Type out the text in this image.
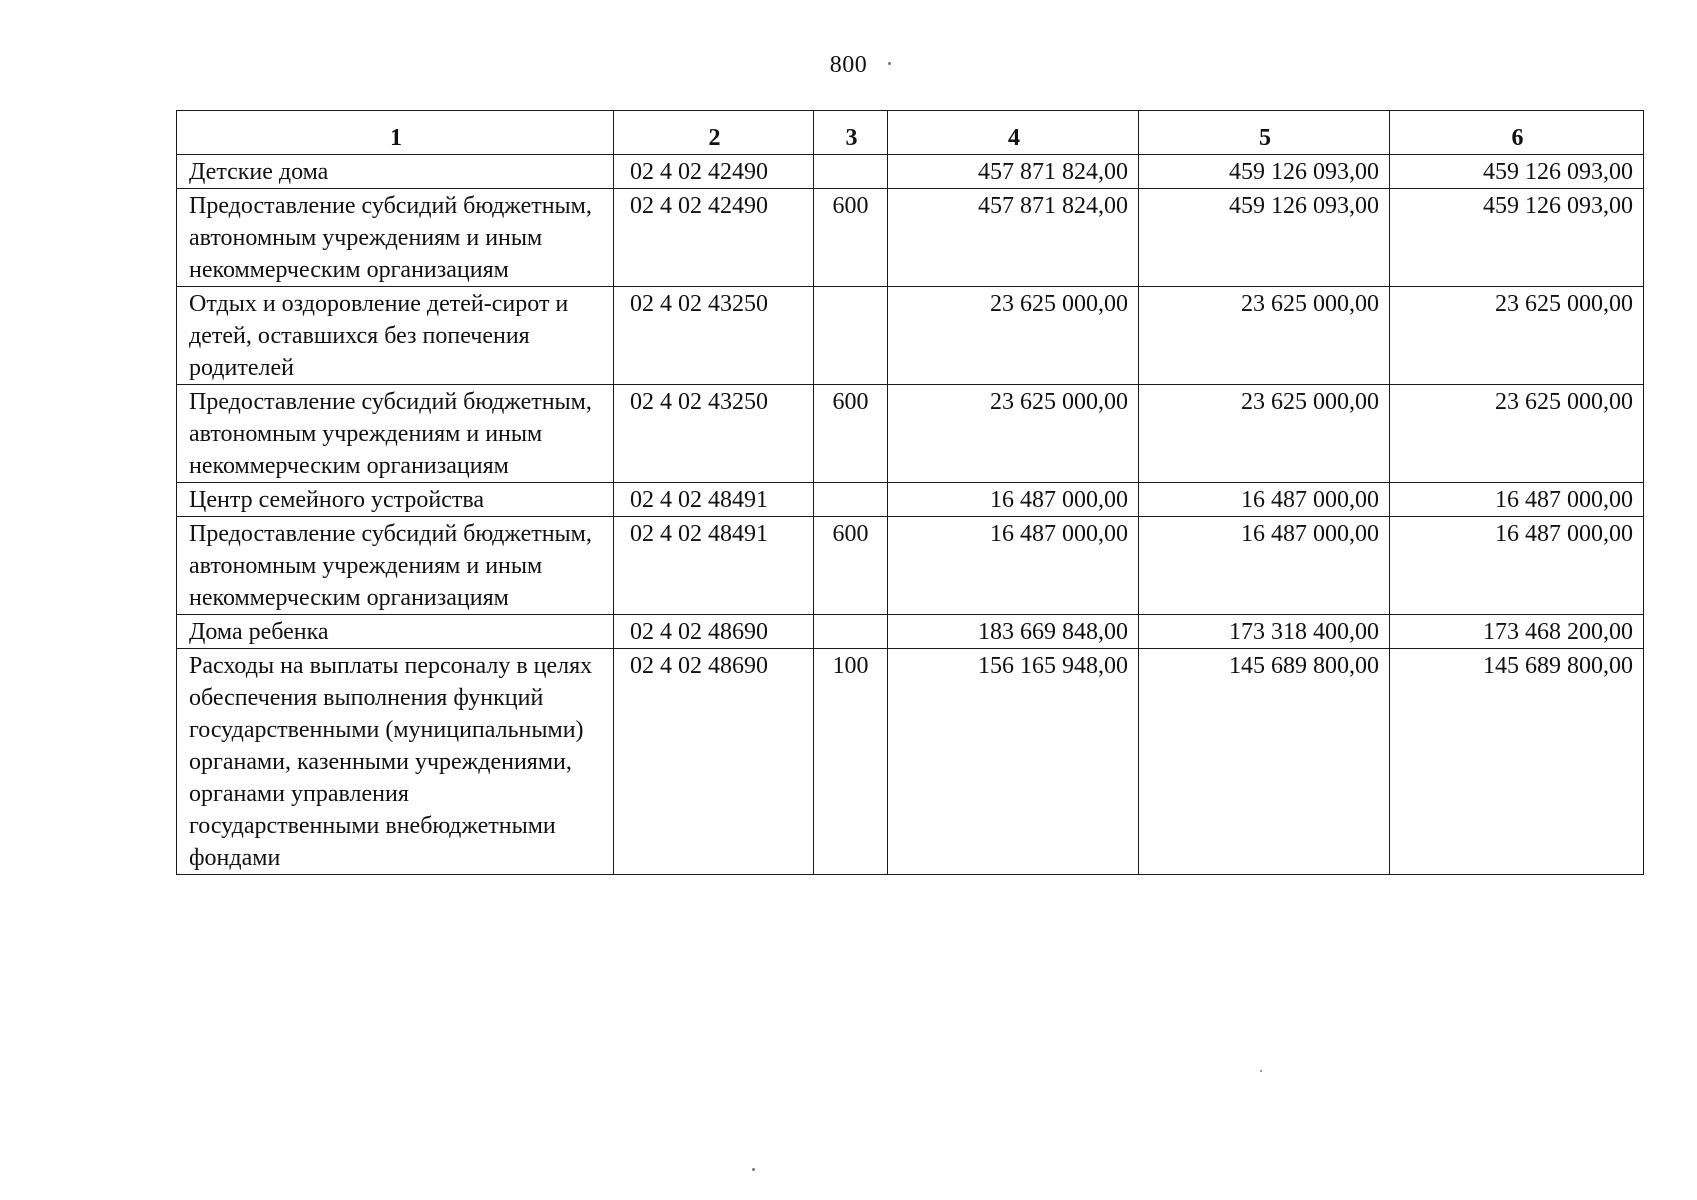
800
1	2	3	4	5	6
Детские дома	02 4 02 42490		457 871 824,00	459 126 093,00	459 126 093,00
Предоставление субсидий бюджетным, автономным учреждениям и иным некоммерческим организациям	02 4 02 42490	600	457 871 824,00	459 126 093,00	459 126 093,00
Отдых и оздоровление детей-сирот и детей, оставшихся без попечения родителей	02 4 02 43250		23 625 000,00	23 625 000,00	23 625 000,00
Предоставление субсидий бюджетным, автономным учреждениям и иным некоммерческим организациям	02 4 02 43250	600	23 625 000,00	23 625 000,00	23 625 000,00
Центр семейного устройства	02 4 02 48491		16 487 000,00	16 487 000,00	16 487 000,00
Предоставление субсидий бюджетным, автономным учреждениям и иным некоммерческим организациям	02 4 02 48491	600	16 487 000,00	16 487 000,00	16 487 000,00
Дома ребенка	02 4 02 48690		183 669 848,00	173 318 400,00	173 468 200,00
Расходы на выплаты персоналу в целях обеспечения выполнения функций государственными (муниципальными) органами, казенными учреждениями, органами управления государственными внебюджетными фондами	02 4 02 48690	100	156 165 948,00	145 689 800,00	145 689 800,00
